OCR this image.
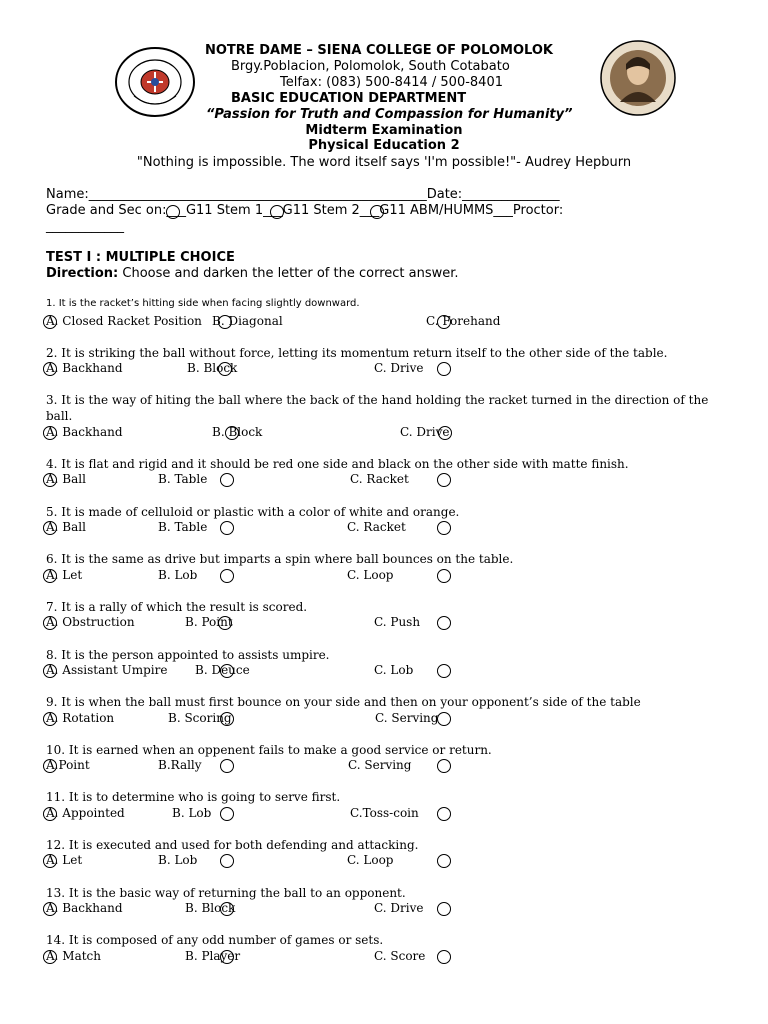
NOTRE DAME – SIENA COLLEGE OF POLOMOLOK
Brgy.Poblacion, Polomolok, South Cotabato
Telfax: (083) 500-8414 / 500-8401
BASIC EDUCATION DEPARTMENT
“Passion for Truth and Compassion for Humanity”
Midterm Examination
Physical Education 2
"Nothing is impossible. The word itself says 'I'm possible!"- Audrey Hepburn
Name:____________________________________________________Date:_______________
Grade and Sec on:___G11 Stem 1___G11 Stem 2___G11 ABM/HUMMS___Proctor:
____________
TEST I : MULTIPLE CHOICE
Direction: Choose and darken the letter of the correct answer.
1. It is the racket’s hitting side when facing slightly downward.
A. Closed Racket Position B. Diagonal	C. Forehand
2. It is striking the ball without force, letting its momentum return itself to the other side of the table.
A. Backhand	B. Block	C. Drive
3. It is the way of hiting the ball where the back of the hand holding the racket turned in the direction of the
ball.
A. Backhand	B. Block	C. Drive
4. It is flat and rigid and it should be red one side and black on the other side with matte finish.
A. Ball	B. Table	C. Racket
5. It is made of celluloid or plastic with a color of white and orange.
A. Ball	B. Table	C. Racket
6. It is the same as drive but imparts a spin where ball bounces on the table.
A. Let	B. Lob	C. Loop
7. It is a rally of which the result is scored.
A. Obstruction	B. Point	C. Push
8. It is the person appointed to assists umpire.
A. Assistant Umpire B. Deuce	C. Lob
9. It is when the ball must first bounce on your side and then on your opponent’s side of the table
A. Rotation	B. Scoring	C. Serving
10. It is earned when an oppenent fails to make a good service or return.
A.Point	B.Rally	C. Serving
11. It is to determine who is going to serve first.
A. Appointed	B. Lob	C.Toss-coin
12. It is executed and used for both defending and attacking.
A. Let	B. Lob	C. Loop
13. It is the basic way of returning the ball to an opponent.
A. Backhand	B. Block	C. Drive
14. It is composed of any odd number of games or sets.
A. Match	B. Player	C. Score
